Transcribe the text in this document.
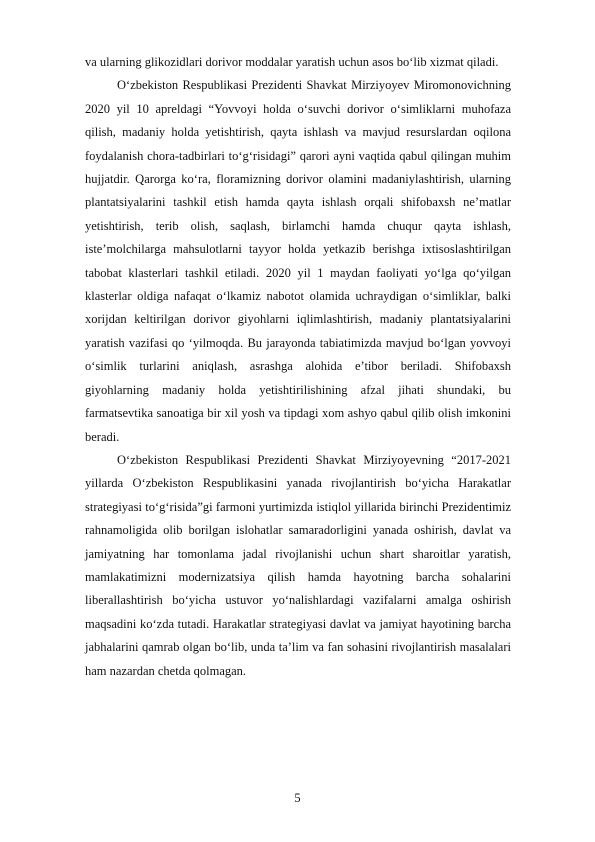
va ularning glikozidlari dorivor moddalar yaratish uchun asos bo‘lib xizmat qiladi.

O‘zbekiston Respublikasi Prezidenti Shavkat Mirziyoyev Miromonovichning 2020 yil 10 apreldagi “Yovvoyi holda o‘suvchi dorivor o‘simliklarni muhofaza qilish, madaniy holda yetishtirish, qayta ishlash va mavjud resurslardan oqilona foydalanish chora-tadbirlari to‘g‘risidagi” qarori ayni vaqtida qabul qilingan muhim hujjatdir. Qarorga ko‘ra, floramizning dorivor olamini madaniylashtirish, ularning plantatsiyalarini tashkil etish hamda qayta ishlash orqali shifobaxsh ne’matlar yetishtirish, terib olish, saqlash, birlamchi hamda chuqur qayta ishlash, iste’molchilarga mahsulotlarni tayyor holda yetkazib berishga ixtisoslashtirilgan tabobat klasterlari tashkil etiladi. 2020 yil 1 maydan faoliyati yo‘lga qo‘yilgan klasterlar oldiga nafaqat o‘lkamiz nabotot olamida uchraydigan o‘simliklar, balki xorijdan keltirilgan dorivor giyohlarni iqlimlashtirish, madaniy plantatsiyalarini yaratish vazifasi qo ‘yilmoqda. Bu jarayonda tabiatimizda mavjud bo‘lgan yovvoyi o‘simlik turlarini aniqlash, asrashga alohida e’tibor beriladi. Shifobaxsh giyohlarning madaniy holda yetishtirilishining afzal jihati shundaki, bu farmatsevtika sanoatiga bir xil yosh va tipdagi xom ashyo qabul qilib olish imkonini beradi.

O‘zbekiston Respublikasi Prezidenti Shavkat Mirziyoyevning “2017-2021 yillarda O‘zbekiston Respublikasini yanada rivojlantirish bo‘yicha Harakatlar strategiyasi to‘g‘risida”gi farmoni yurtimizda istiqlol yillarida birinchi Prezidentimiz rahnamoligida olib borilgan islohatlar samaradorligini yanada oshirish, davlat va jamiyatning har tomonlama jadal rivojlanishi uchun shart sharoitlar yaratish, mamlakatimizni modernizatsiya qilish hamda hayotning barcha sohalarini liberallashtirish bo‘yicha ustuvor yo‘nalishlardagi vazifalarni amalga oshirish maqsadini ko‘zda tutadi. Harakatlar strategiyasi davlat va jamiyat hayotining barcha jabhalarini qamrab olgan bo‘lib, unda ta’lim va fan sohasini rivojlantirish masalalari ham nazardan chetda qolmagan.

5
